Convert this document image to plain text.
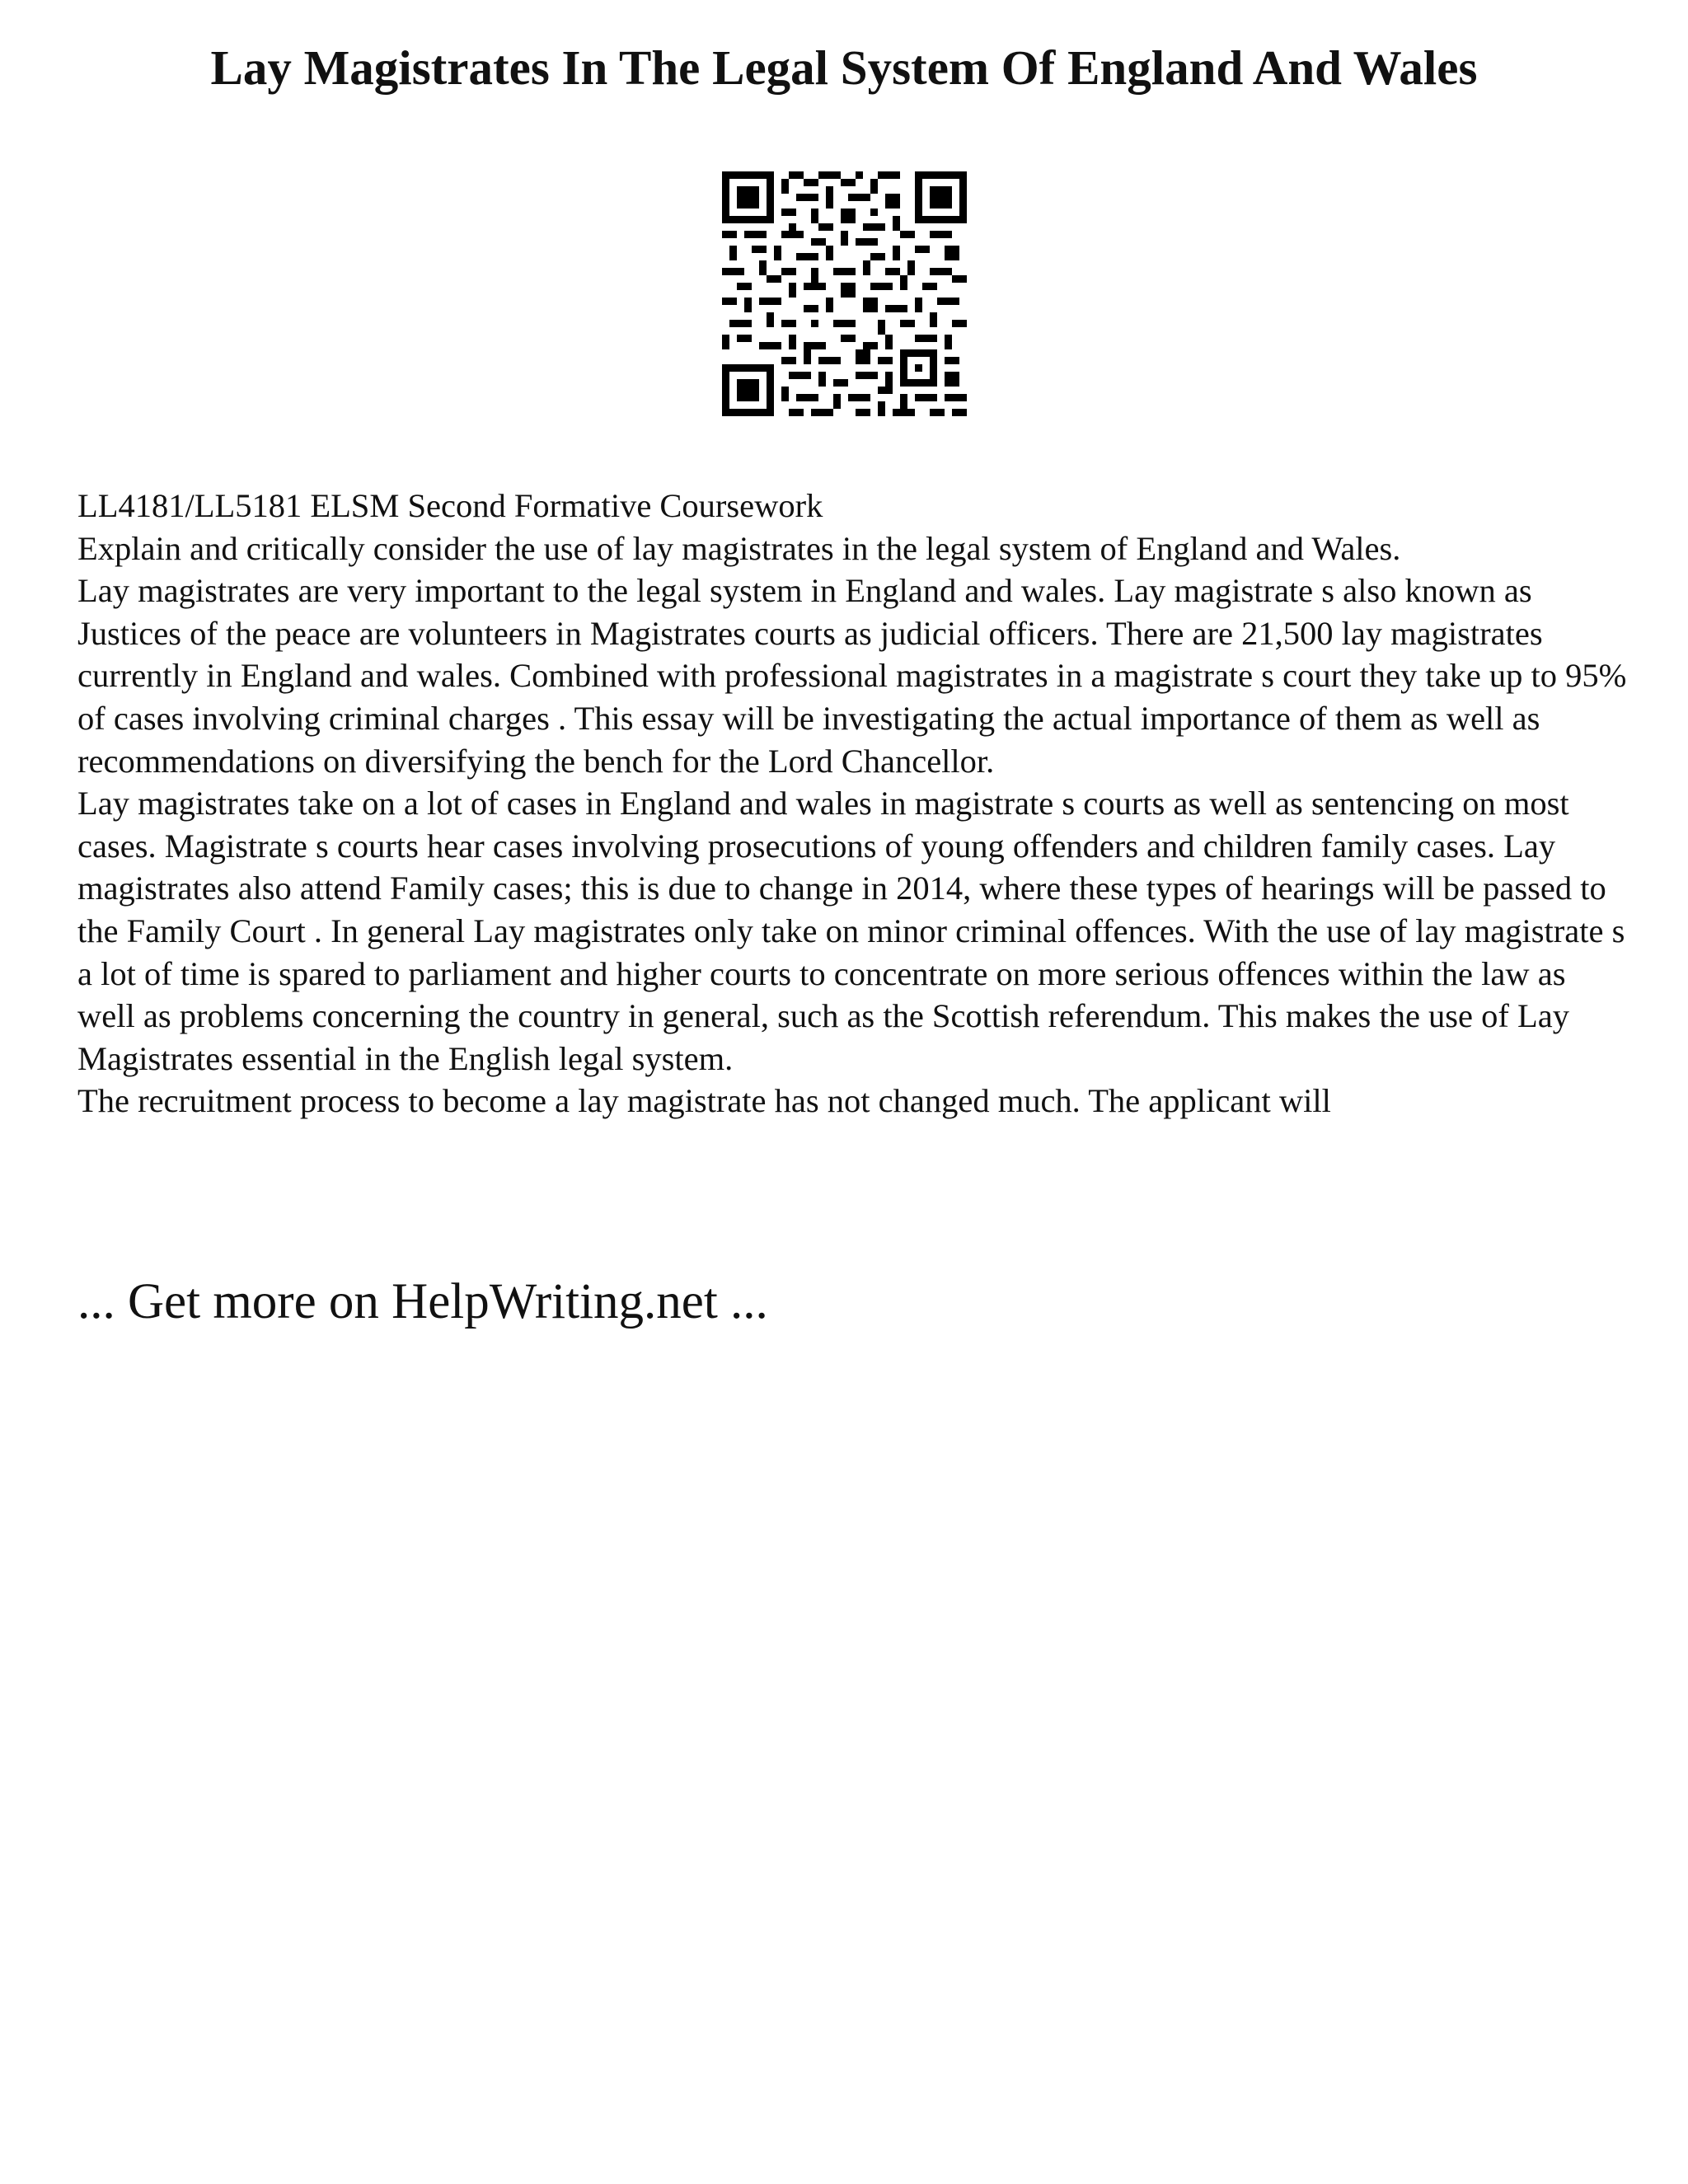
Lay Magistrates In The Legal System Of England And Wales

LL4181/LL5181 ELSM Second Formative Coursework

Explain and critically consider the use of lay magistrates in the legal system of England and Wales.

Lay magistrates are very important to the legal system in England and wales. Lay magistrate s also known as Justices of the peace are volunteers in Magistrates courts as judicial officers. There are 21,500 lay magistrates currently in England and wales. Combined with professional magistrates in a magistrate s court they take up to 95% of cases involving criminal charges . This essay will be investigating the actual importance of them as well as recommendations on diversifying the bench for the Lord Chancellor.

Lay magistrates take on a lot of cases in England and wales in magistrate s courts as well as sentencing on most cases. Magistrate s courts hear cases involving prosecutions of young offenders and children family cases. Lay magistrates also attend Family cases; this is due to change in 2014, where these types of hearings will be passed to the Family Court . In general Lay magistrates only take on minor criminal offences. With the use of lay magistrate s a lot of time is spared to parliament and higher courts to concentrate on more serious offences within the law as well as problems concerning the country in general, such as the Scottish referendum. This makes the use of Lay Magistrates essential in the English legal system.

The recruitment process to become a lay magistrate has not changed much. The applicant will

... Get more on HelpWriting.net ...
